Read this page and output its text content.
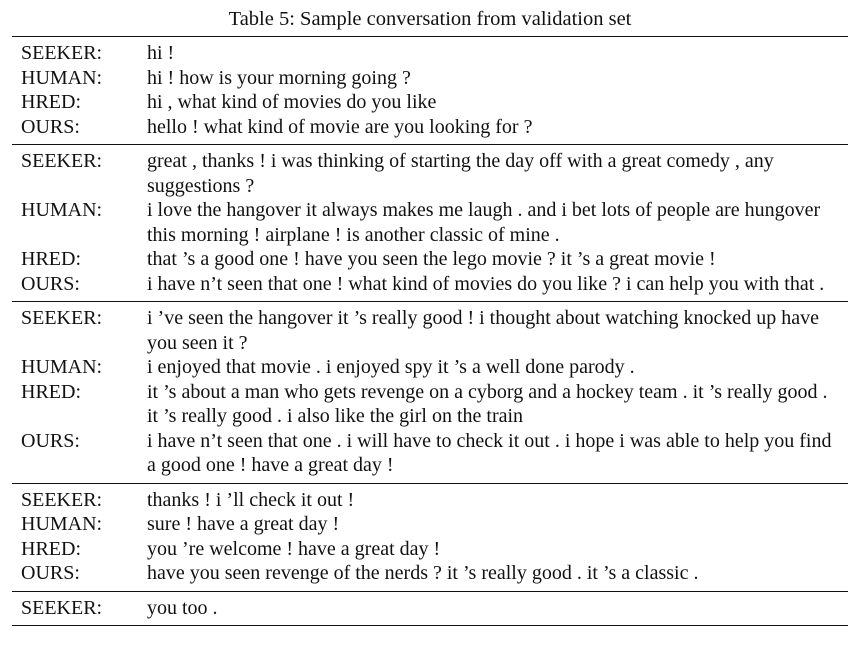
Table 5: Sample conversation from validation set
SEEKER:	hi !
HUMAN:	hi ! how is your morning going ?
HRED:	hi , what kind of movies do you like
OURS:	hello ! what kind of movie are you looking for ?
SEEKER:	great , thanks ! i was thinking of starting the day off with a great comedy , any suggestions ?
HUMAN:	i love the hangover it always makes me laugh . and i bet lots of people are hungover this morning ! airplane ! is another classic of mine .
HRED:	that ’s a good one ! have you seen the lego movie ? it ’s a great movie !
OURS:	i have n’t seen that one ! what kind of movies do you like ? i can help you with that .
SEEKER:	i ’ve seen the hangover it ’s really good ! i thought about watching knocked up have you seen it ?
HUMAN:	i enjoyed that movie . i enjoyed spy it ’s a well done parody .
HRED:	it ’s about a man who gets revenge on a cyborg and a hockey team . it ’s really good . it ’s really good . i also like the girl on the train
OURS:	i have n’t seen that one . i will have to check it out . i hope i was able to help you find a good one ! have a great day !
SEEKER:	thanks ! i ’ll check it out !
HUMAN:	sure ! have a great day !
HRED:	you ’re welcome ! have a great day !
OURS:	have you seen revenge of the nerds ? it ’s really good . it ’s a classic .
SEEKER:	you too .
